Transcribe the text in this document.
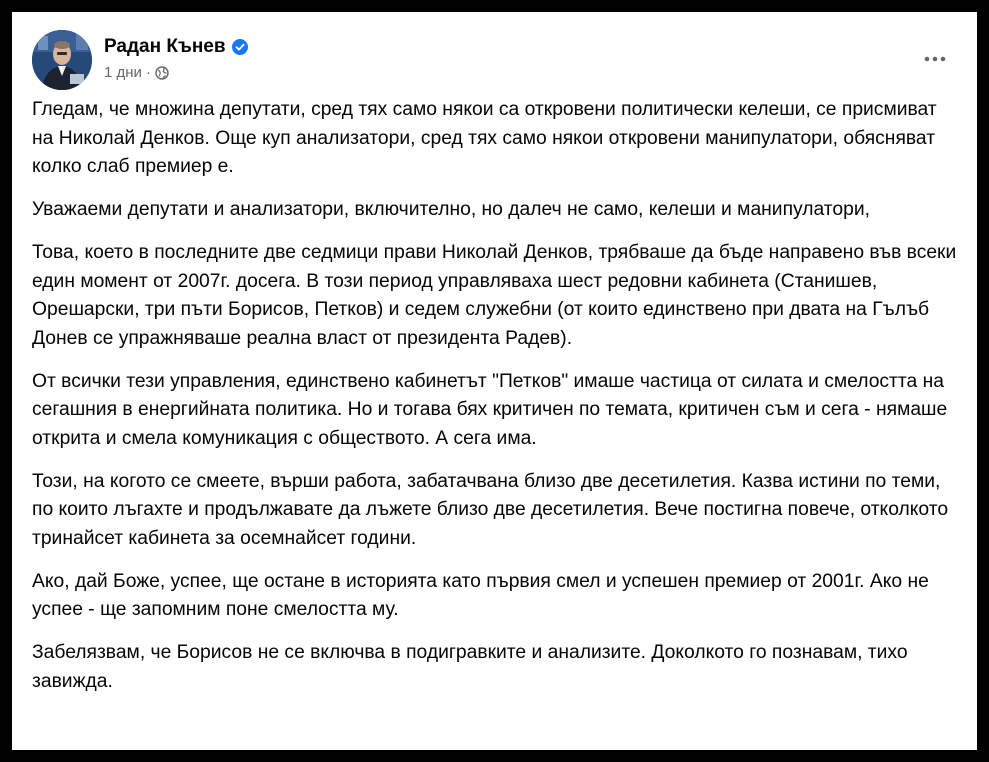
Радан Кънев
1 дни ·

Гледам, че множина депутати, сред тях само някои са откровени политически келеши, се присмиват на Николай Денков. Още куп анализатори, сред тях само някои откровени манипулатори, обясняват колко слаб премиер е.

Уважаеми депутати и анализатори, включително, но далеч не само, келеши и манипулатори,

Това, което в последните две седмици прави Николай Денков, трябваше да бъде направено във всеки един момент от 2007г. досега. В този период управляваха шест редовни кабинета (Станишев, Орешарски, три пъти Борисов, Петков) и седем служебни (от които единствено при двата на Гълъб Донев се упражняваше реална власт от президента Радев).

От всички тези управления, единствено кабинетът "Петков" имаше частица от силата и смелостта на сегашния в енергийната политика. Но и тогава бях критичен по темата, критичен съм и сега - нямаше открита и смела комуникация с обществото. А сега има.

Този, на когото се смеете, върши работа, забатачвана близо две десетилетия. Казва истини по теми, по които лъгахте и продължавате да лъжете близо две десетилетия. Вече постигна повече, отколкото тринайсет кабинета за осемнайсет години.

Ако, дай Боже, успее, ще остане в историята като първия смел и успешен премиер от 2001г. Ако не успее - ще запомним поне смелостта му.

Забелязвам, че Борисов не се включва в подигравките и анализите. Доколкото го познавам, тихо завижда.
